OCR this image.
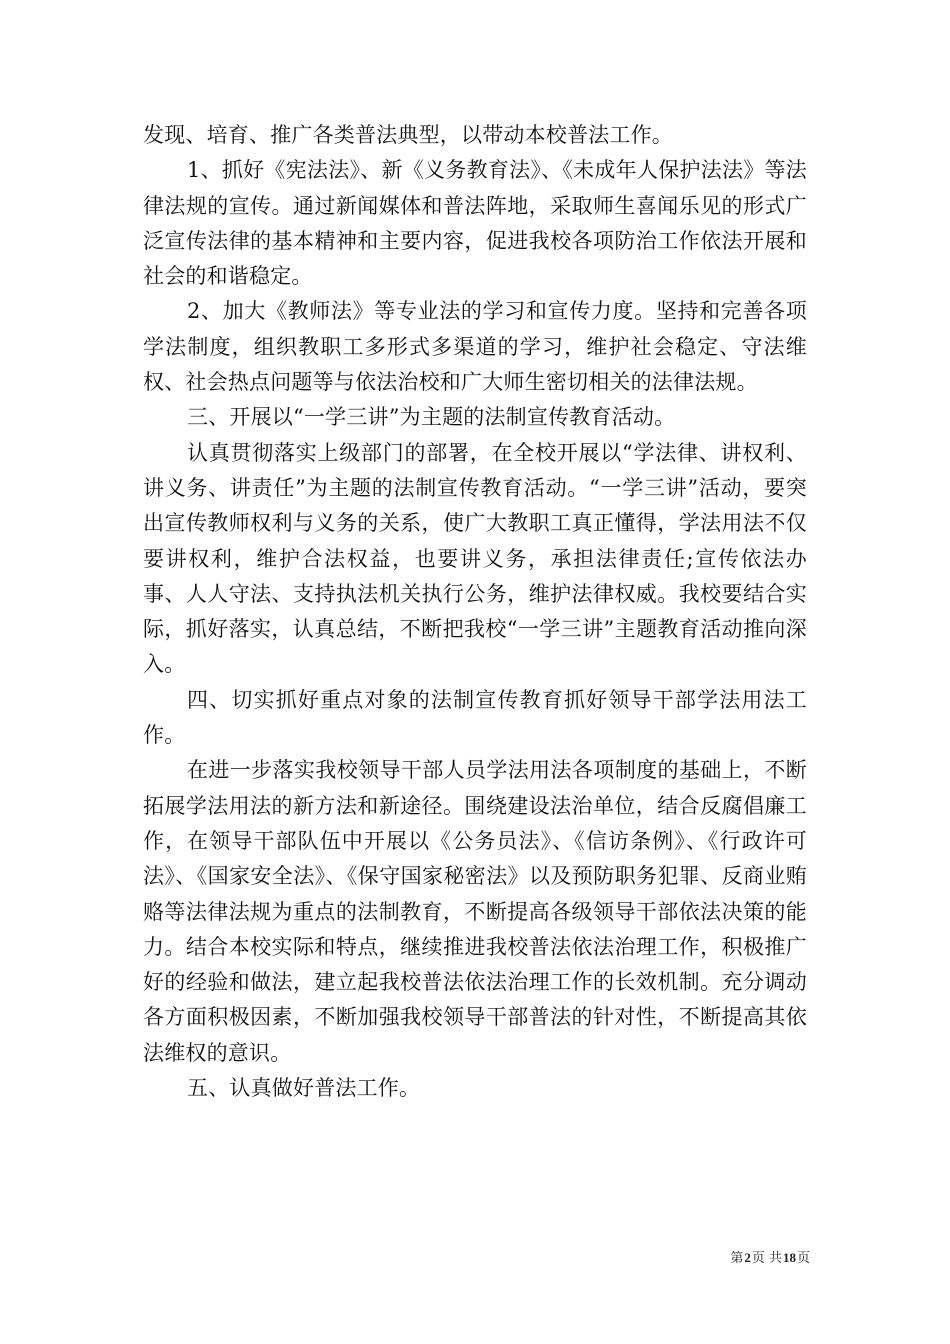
发现、培育、推广各类普法典型，以带动本校普法工作。

1、抓好《宪法法》、新《义务教育法》、《未成年人保护法法》等法律法规的宣传。通过新闻媒体和普法阵地，采取师生喜闻乐见的形式广泛宣传法律的基本精神和主要内容，促进我校各项防治工作依法开展和社会的和谐稳定。

2、加大《教师法》等专业法的学习和宣传力度。坚持和完善各项学法制度，组织教职工多形式多渠道的学习，维护社会稳定、守法维权、社会热点问题等与依法治校和广大师生密切相关的法律法规。

三、开展以“一学三讲”为主题的法制宣传教育活动。

认真贯彻落实上级部门的部署，在全校开展以“学法律、讲权利、讲义务、讲责任”为主题的法制宣传教育活动。“一学三讲”活动，要突出宣传教师权利与义务的关系，使广大教职工真正懂得，学法用法不仅要讲权利，维护合法权益，也要讲义务，承担法律责任;宣传依法办事、人人守法、支持执法机关执行公务，维护法律权威。我校要结合实际，抓好落实，认真总结，不断把我校“一学三讲”主题教育活动推向深入。

四、切实抓好重点对象的法制宣传教育抓好领导干部学法用法工作。

在进一步落实我校领导干部人员学法用法各项制度的基础上，不断拓展学法用法的新方法和新途径。围绕建设法治单位，结合反腐倡廉工作，在领导干部队伍中开展以《公务员法》、《信访条例》、《行政许可法》、《国家安全法》、《保守国家秘密法》以及预防职务犯罪、反商业贿赂等法律法规为重点的法制教育，不断提高各级领导干部依法决策的能力。结合本校实际和特点，继续推进我校普法依法治理工作，积极推广好的经验和做法，建立起我校普法依法治理工作的长效机制。充分调动各方面积极因素，不断加强我校领导干部普法的针对性，不断提高其依法维权的意识。

五、认真做好普法工作。

第2页 共18页
